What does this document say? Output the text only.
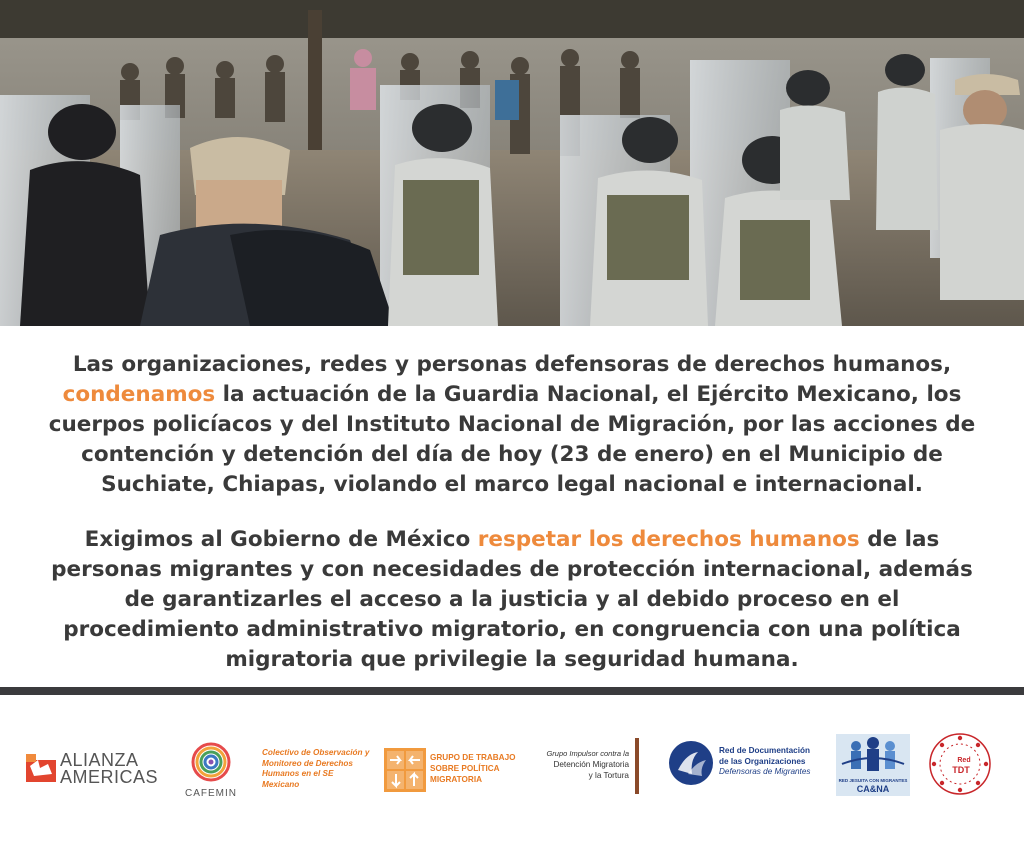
Las organizaciones, redes y personas defensoras de derechos humanos, condenamos la actuación de la Guardia Nacional, el Ejército Mexicano, los cuerpos policíacos y del Instituto Nacional de Migración, por las acciones de contención y detención del día de hoy (23 de enero) en el Municipio de Suchiate, Chiapas, violando el marco legal nacional e internacional.

Exigimos al Gobierno de México respetar los derechos humanos de las personas migrantes y con necesidades de protección internacional, además de garantizarles el acceso a la justicia y al debido proceso en el procedimiento administrativo migratorio, en congruencia con una política migratoria que privilegie la seguridad humana.

ALIANZA
AMERICAS
CAFEMIN
Colectivo de Observación y Monitoreo de Derechos Humanos en el SE Mexicano
GRUPO DE TRABAJO SOBRE POLÍTICA MIGRATORIA
Grupo Impulsor contra la
Detención Migratoria
y la Tortura
Red de Documentación
de las Organizaciones
Defensoras de Migrantes
RED JESUITA CON MIGRANTES
CA&NA
Red
TDT
